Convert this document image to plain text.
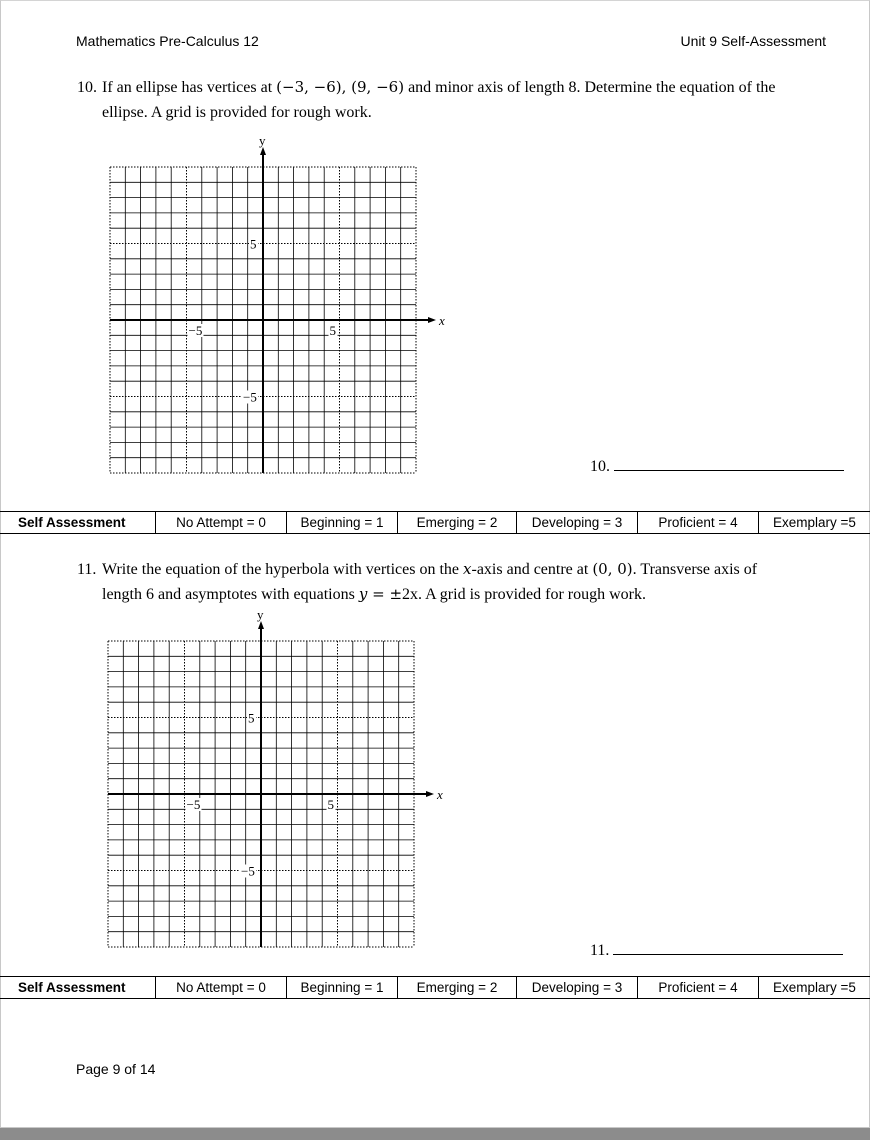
Mathematics Pre-Calculus 12	Unit 9 Self-Assessment
10. If an ellipse has vertices at (−3, −6), (9, −6) and minor axis of length 8. Determine the equation of the
ellipse. A grid is provided for rough work.
y
x
−5	5
5
−5
10.
Self Assessment	No Attempt = 0	Beginning = 1	Emerging = 2	Developing = 3	Proficient = 4	Exemplary =5
11. Write the equation of the hyperbola with vertices on the x-axis and centre at (0, 0). Transverse axis of
length 6 and asymptotes with equations y = ±2x. A grid is provided for rough work.
y
x
−5	5
5
−5
11.
Self Assessment	No Attempt = 0	Beginning = 1	Emerging = 2	Developing = 3	Proficient = 4	Exemplary =5
Page 9 of 14
